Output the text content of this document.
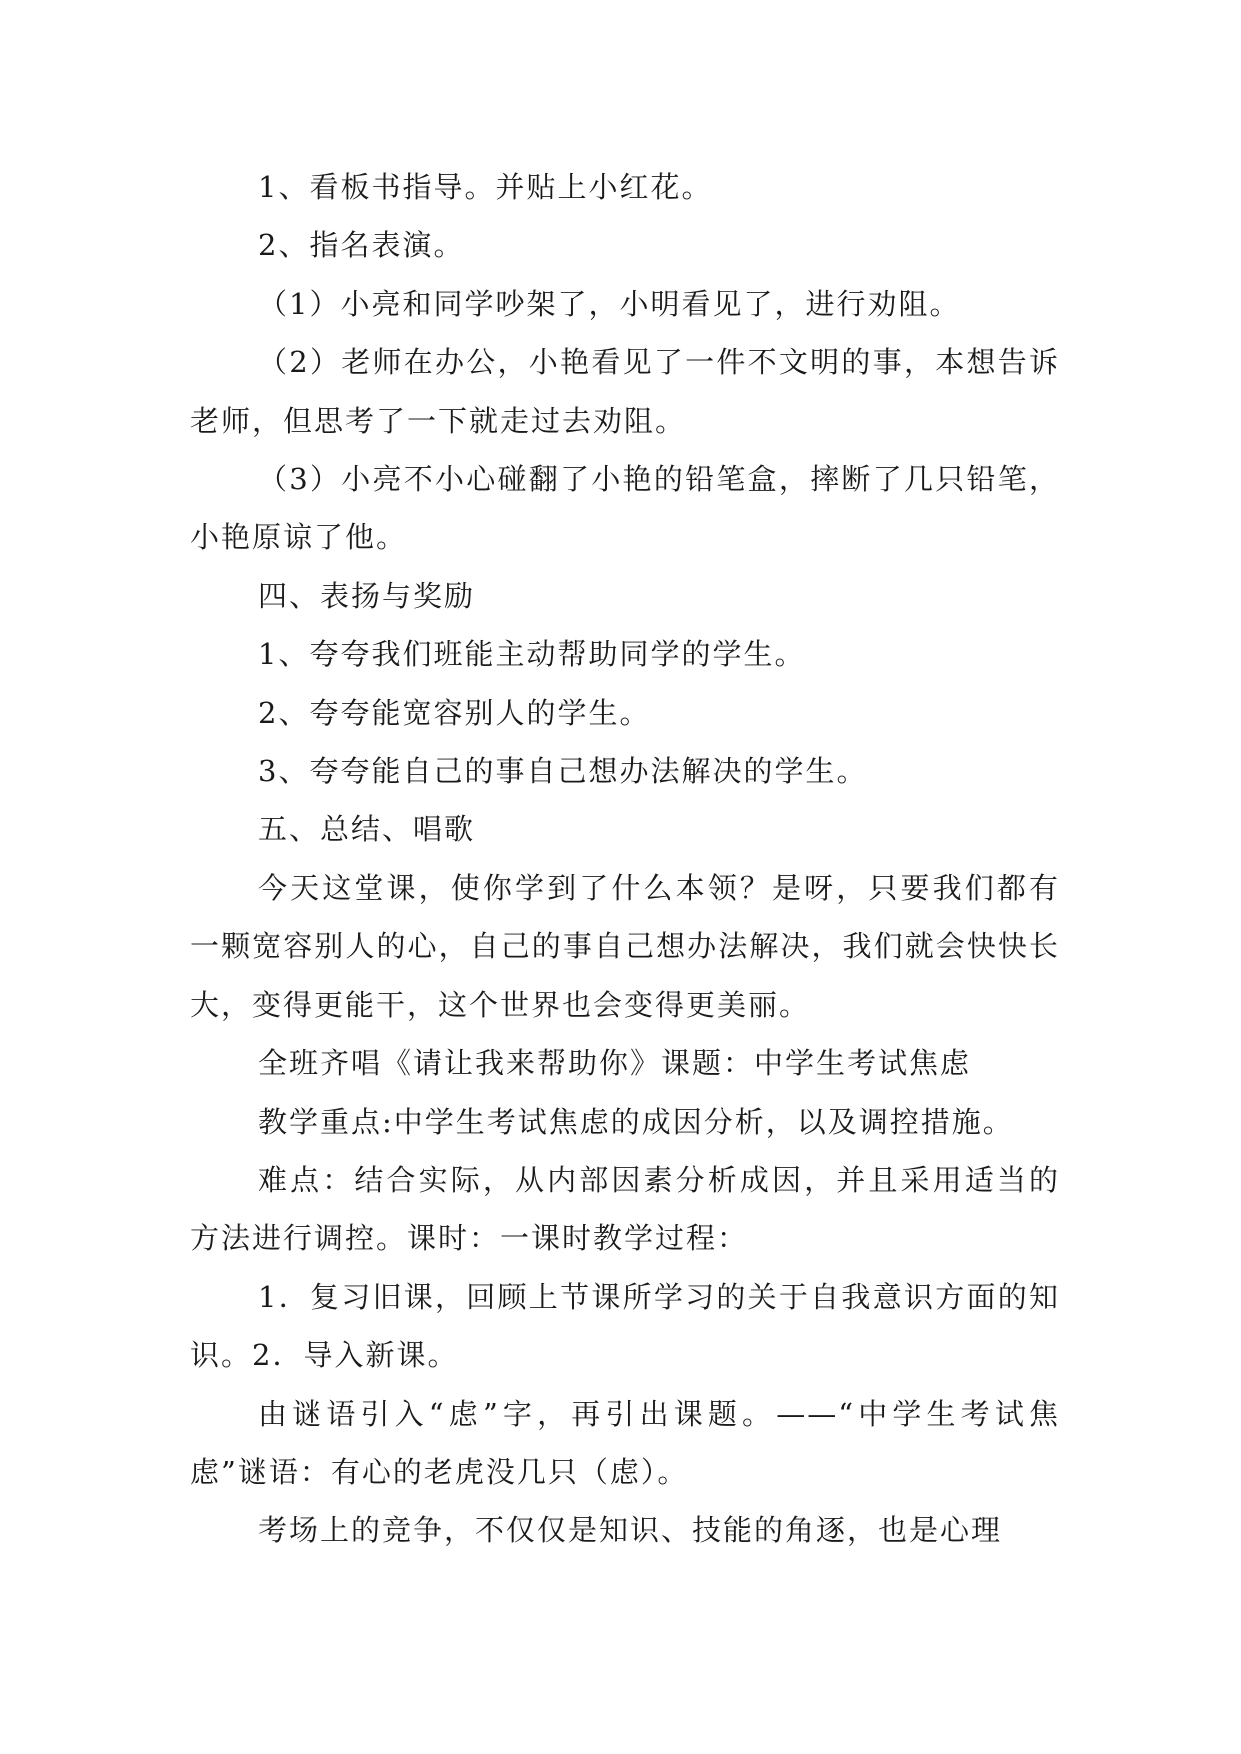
1、看板书指导。并贴上小红花。

2、指名表演。

（1）小亮和同学吵架了，小明看见了，进行劝阻。

（2）老师在办公，小艳看见了一件不文明的事，本想告诉老师，但思考了一下就走过去劝阻。

（3）小亮不小心碰翻了小艳的铅笔盒，摔断了几只铅笔，小艳原谅了他。

四、表扬与奖励

1、夸夸我们班能主动帮助同学的学生。

2、夸夸能宽容别人的学生。

3、夸夸能自己的事自己想办法解决的学生。

五、总结、唱歌

今天这堂课，使你学到了什么本领？是呀，只要我们都有一颗宽容别人的心，自己的事自己想办法解决，我们就会快快长大，变得更能干，这个世界也会变得更美丽。

全班齐唱《请让我来帮助你》课题：中学生考试焦虑

教学重点:中学生考试焦虑的成因分析，以及调控措施。

难点：结合实际，从内部因素分析成因，并且采用适当的方法进行调控。课时：一课时教学过程：

1．复习旧课，回顾上节课所学习的关于自我意识方面的知识。2．导入新课。

由谜语引入“虑”字，再引出课题。——“中学生考试焦虑”谜语：有心的老虎没几只（虑）。

考场上的竞争，不仅仅是知识、技能的角逐，也是心理
